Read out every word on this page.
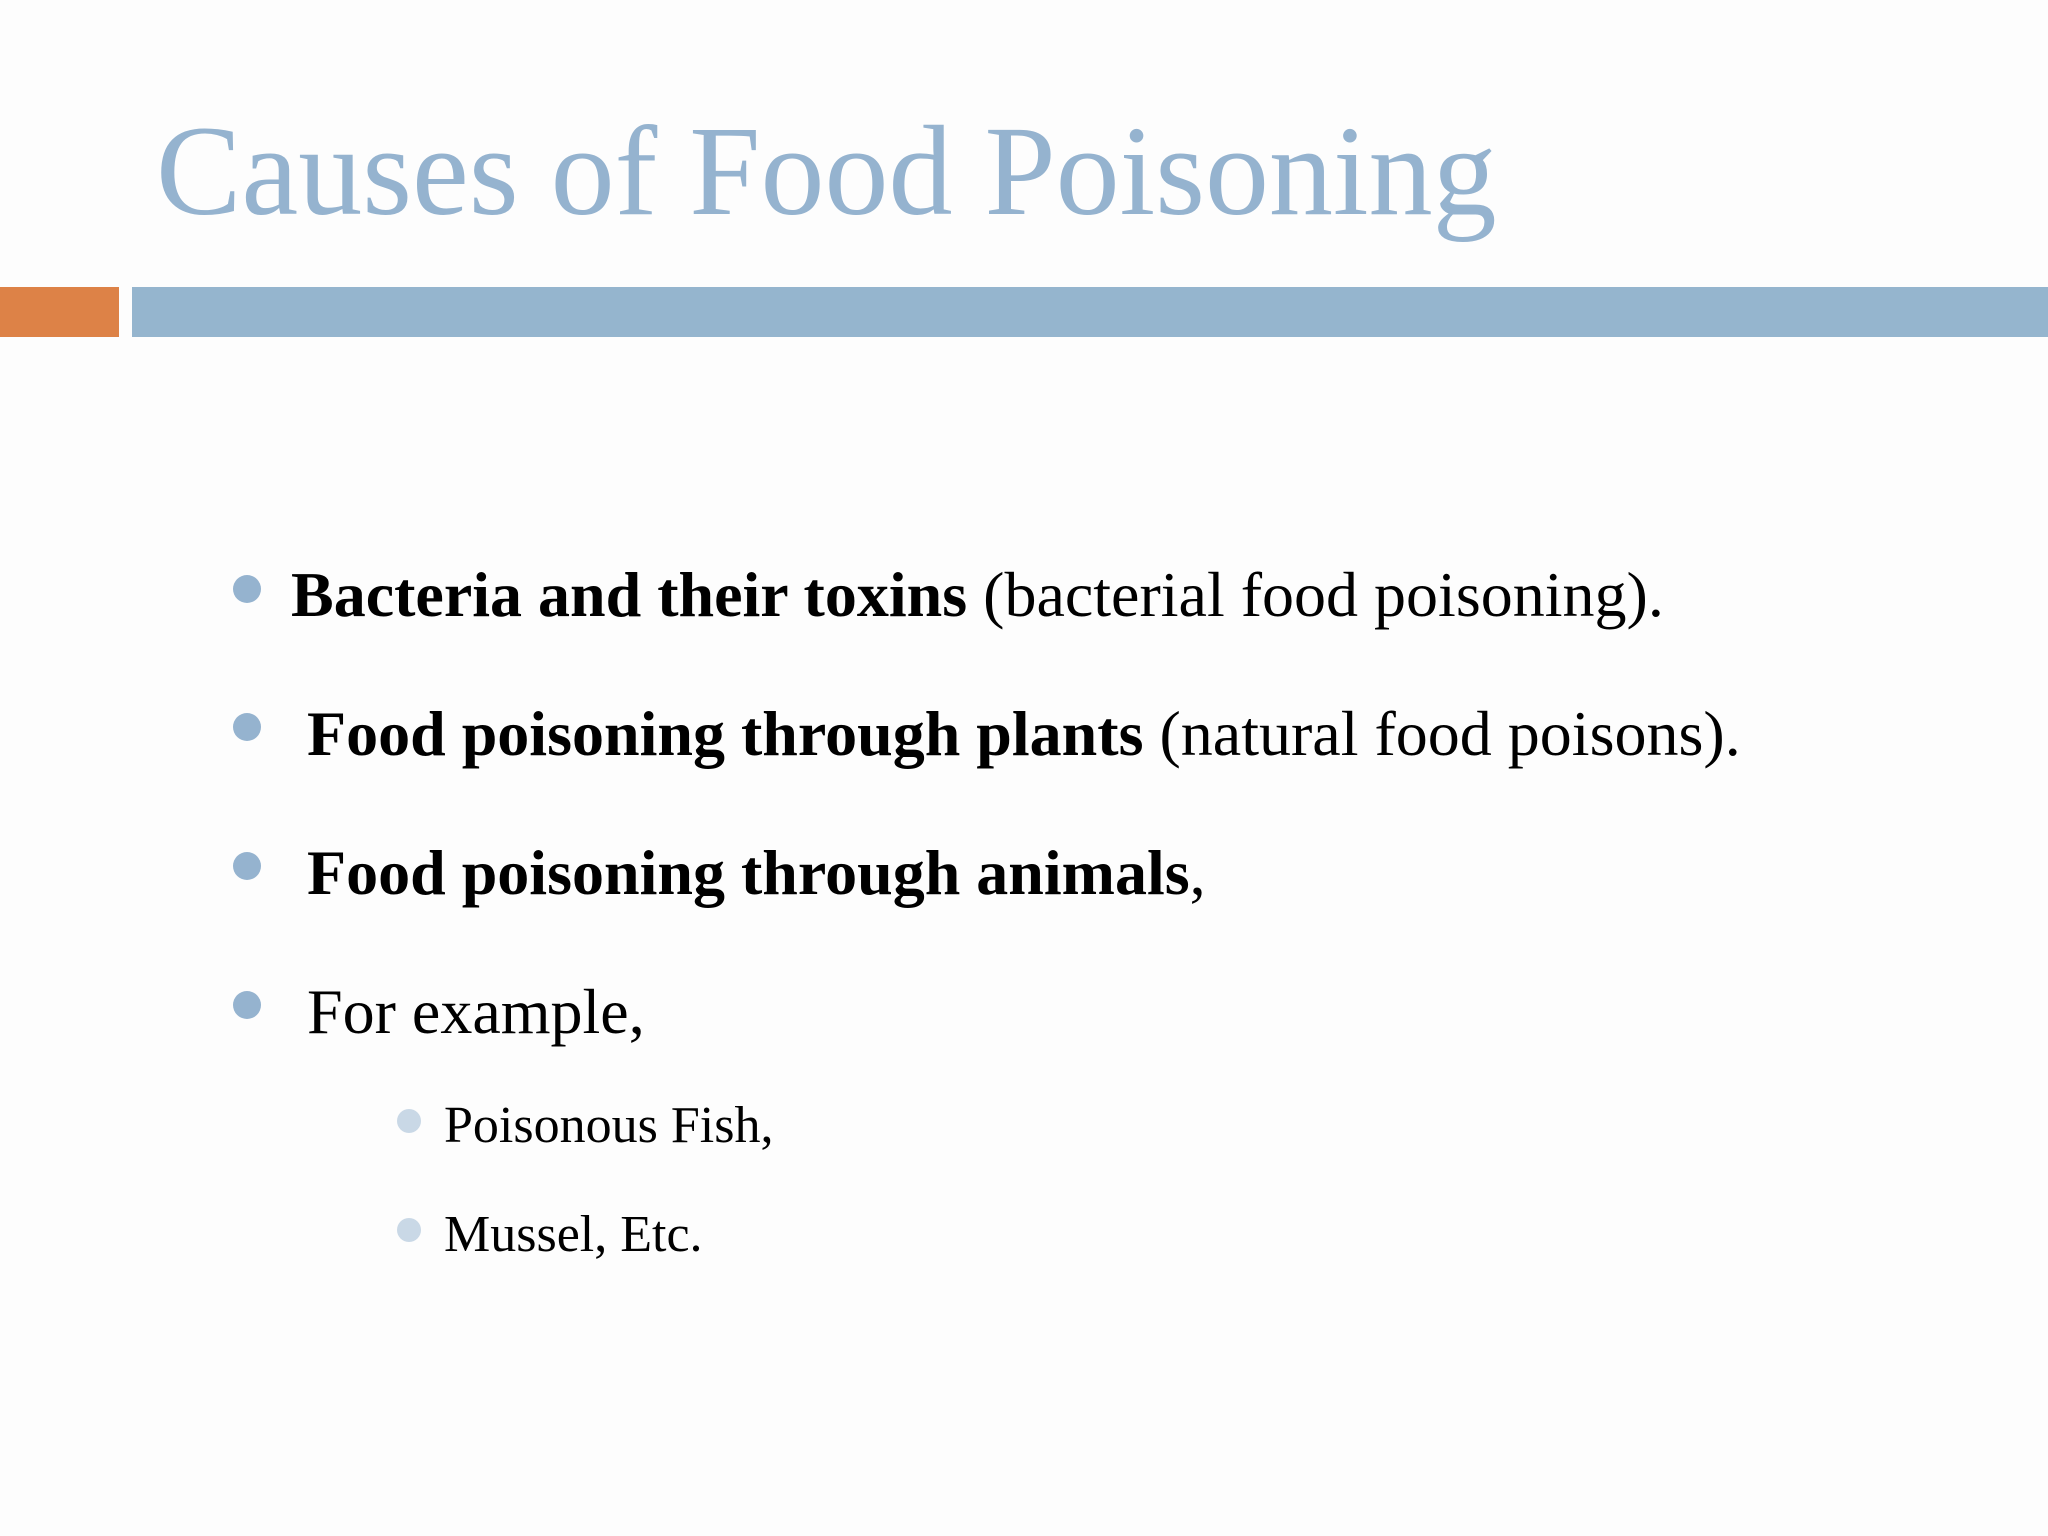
Causes of Food Poisoning
Bacteria and their toxins (bacterial food poisoning).
Food poisoning through plants (natural food poisons).
Food poisoning through animals,
For example,
Poisonous Fish,
Mussel, Etc.
